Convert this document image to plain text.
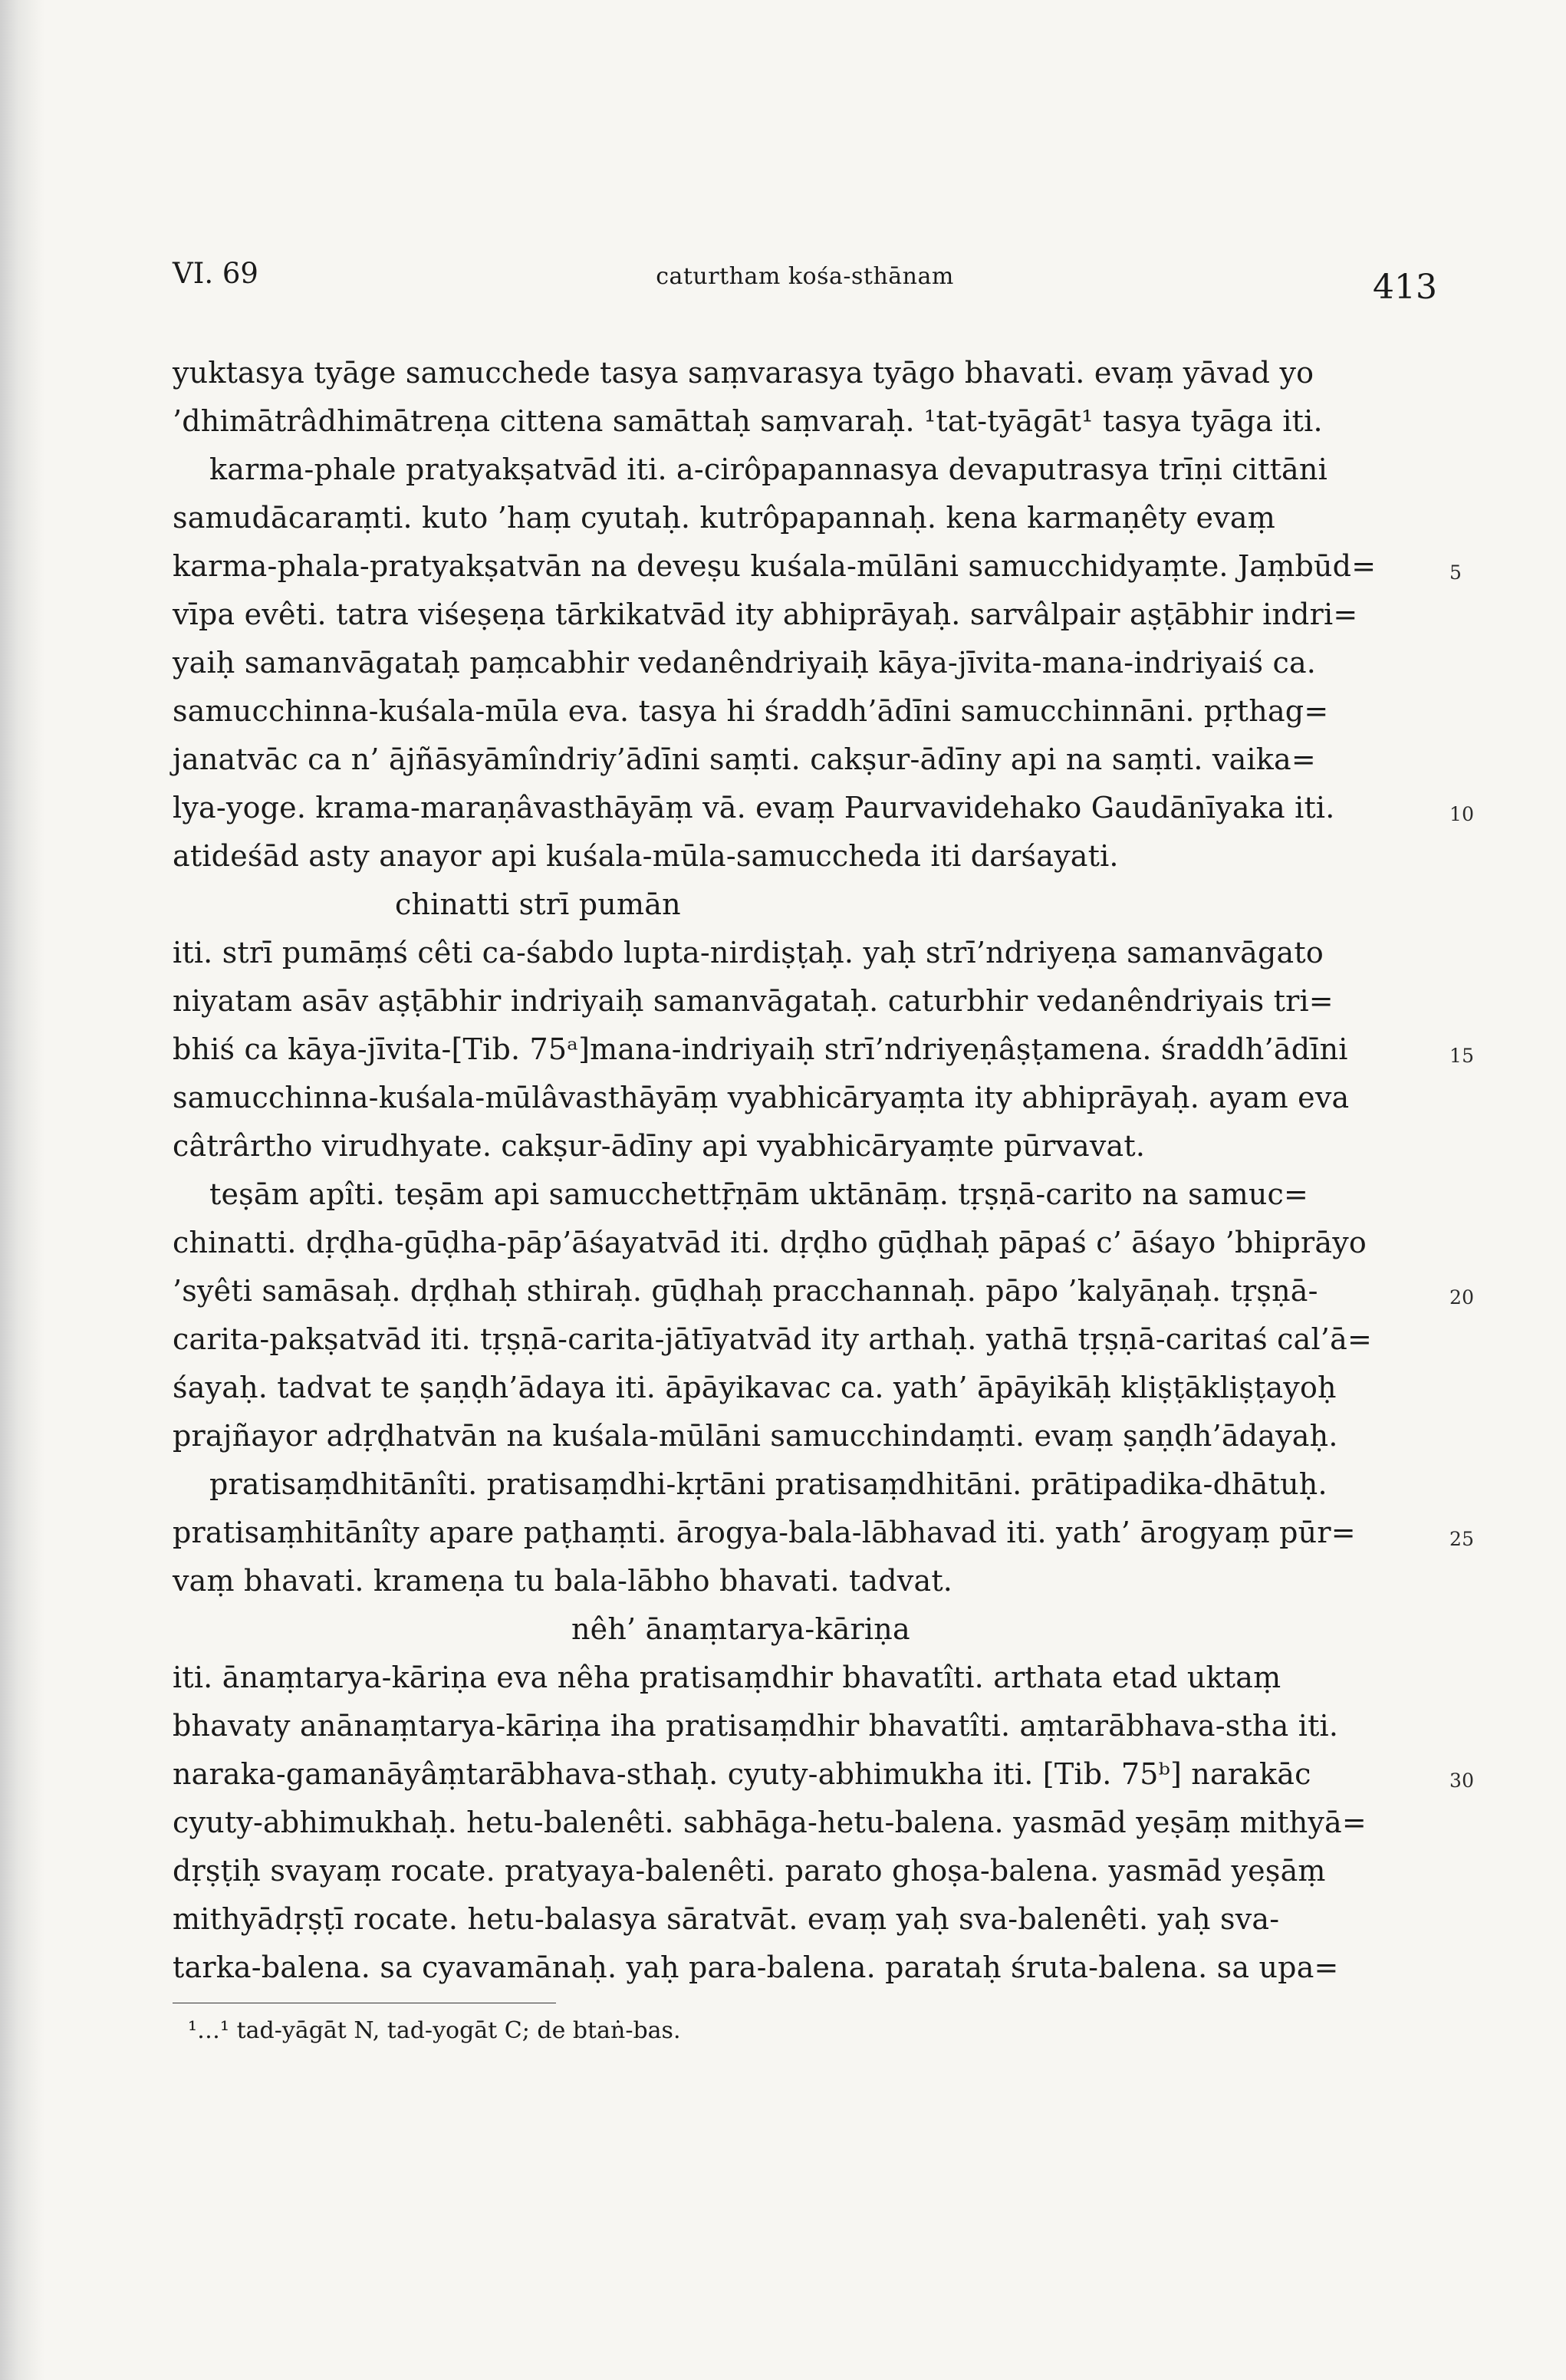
VI. 69	caturtham kośa-sthānam	413
yuktasya tyāge samucchede tasya saṃvarasya tyāgo bhavati. evaṃ yāvad yo
’dhimātrâdhimātreṇa cittena samāttaḥ saṃvaraḥ. ¹tat-tyāgāt¹ tasya tyāga iti.
karma-phale pratyakṣatvād iti. a-cirôpapannasya devaputrasya trīṇi cittāni
samudācaraṃti. kuto ’haṃ cyutaḥ. kutrôpapannaḥ. kena karmaṇêty evaṃ
karma-phala-pratyakṣatvān na deveṣu kuśala-mūlāni samucchidyaṃte. Jaṃbūd=	5
vīpa evêti. tatra viśeṣeṇa tārkikatvād ity abhiprāyaḥ. sarvâlpair aṣṭābhir indri=
yaiḥ samanvāgataḥ paṃcabhir vedanêndriyaiḥ kāya-jīvita-mana-indriyaiś ca.
samucchinna-kuśala-mūla eva. tasya hi śraddh’ādīni samucchinnāni. pṛthag=
janatvāc ca n’ ājñāsyāmîndriy’ādīni saṃti. cakṣur-ādīny api na saṃti. vaika=
lya-yoge. krama-maraṇâvasthāyāṃ vā. evaṃ Paurvavidehako Gaudānīyaka iti.	10
atideśād asty anayor api kuśala-mūla-samuccheda iti darśayati.
chinatti strī pumān
iti. strī pumāṃś cêti ca-śabdo lupta-nirdiṣṭaḥ. yaḥ strī’ndriyeṇa samanvāgato
niyatam asāv aṣṭābhir indriyaiḥ samanvāgataḥ. caturbhir vedanêndriyais tri=
bhiś ca kāya-jīvita-[Tib. 75ᵃ]mana-indriyaiḥ strī’ndriyeṇâṣṭamena. śraddh’ādīni	15
samucchinna-kuśala-mūlâvasthāyāṃ vyabhicāryaṃta ity abhiprāyaḥ. ayam eva
câtrârtho virudhyate. cakṣur-ādīny api vyabhicāryaṃte pūrvavat.
teṣām apîti. teṣām api samucchettṝṇām uktānāṃ. tṛṣṇā-carito na samuc=
chinatti. dṛḍha-gūḍha-pāp’āśayatvād iti. dṛḍho gūḍhaḥ pāpaś c’ āśayo ’bhiprāyo
’syêti samāsaḥ. dṛḍhaḥ sthiraḥ. gūḍhaḥ pracchannaḥ. pāpo ’kalyāṇaḥ. tṛṣṇā-	20
carita-pakṣatvād iti. tṛṣṇā-carita-jātīyatvād ity arthaḥ. yathā tṛṣṇā-caritaś cal’ā=
śayaḥ. tadvat te ṣaṇḍh’ādaya iti. āpāyikavac ca. yath’ āpāyikāḥ kliṣṭākliṣṭayoḥ
prajñayor adṛḍhatvān na kuśala-mūlāni samucchindaṃti. evaṃ ṣaṇḍh’ādayaḥ.
pratisaṃdhitānîti. pratisaṃdhi-kṛtāni pratisaṃdhitāni. prātipadika-dhātuḥ.
pratisaṃhitānîty apare paṭhaṃti. ārogya-bala-lābhavad iti. yath’ ārogyaṃ pūr=	25
vaṃ bhavati. krameṇa tu bala-lābho bhavati. tadvat.
nêh’ ānaṃtarya-kāriṇa
iti. ānaṃtarya-kāriṇa eva nêha pratisaṃdhir bhavatîti. arthata etad uktaṃ
bhavaty anānaṃtarya-kāriṇa iha pratisaṃdhir bhavatîti. aṃtarābhava-stha iti.
naraka-gamanāyâṃtarābhava-sthaḥ. cyuty-abhimukha iti. [Tib. 75ᵇ] narakāc	30
cyuty-abhimukhaḥ. hetu-balenêti. sabhāga-hetu-balena. yasmād yeṣāṃ mithyā=
dṛṣṭiḥ svayaṃ rocate. pratyaya-balenêti. parato ghoṣa-balena. yasmād yeṣāṃ
mithyādṛṣṭī rocate. hetu-balasya sāratvāt. evaṃ yaḥ sva-balenêti. yaḥ sva-
tarka-balena. sa cyavamānaḥ. yaḥ para-balena. parataḥ śruta-balena. sa upa=
¹…¹ tad-yāgāt N, tad-yogāt C; de btaṅ-bas.
